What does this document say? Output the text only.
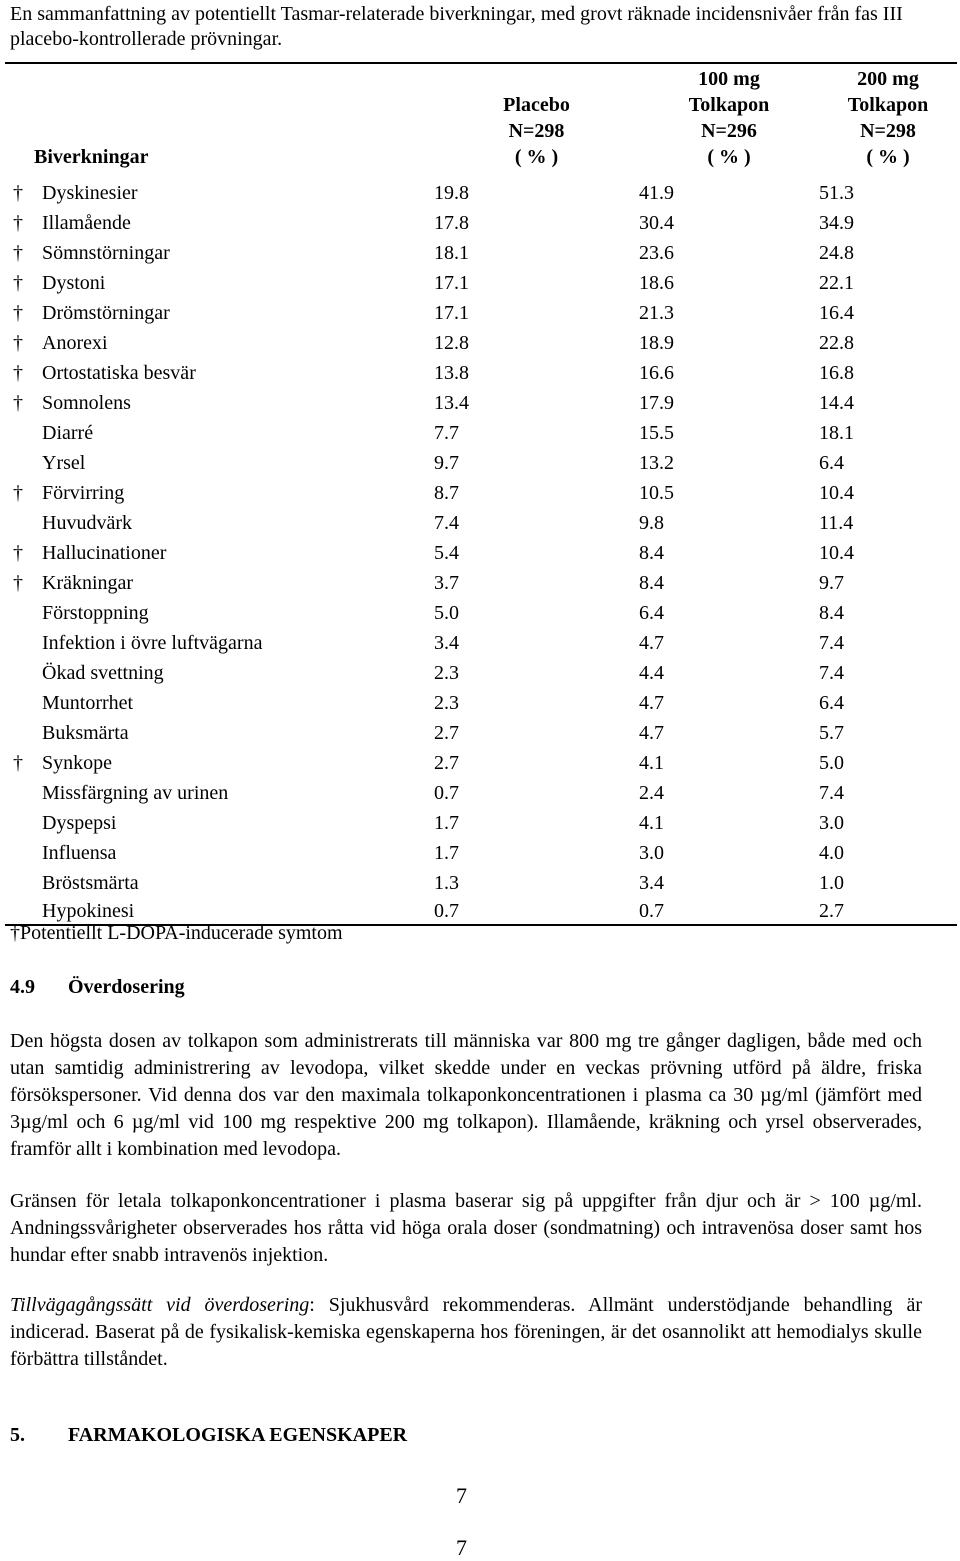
En sammanfattning av potentiellt Tasmar-relaterade biverkningar, med grovt räknade incidensnivåer från fas III placebo-kontrollerade prövningar.
Biverkningar		Placebo
N=298
( % )	100 mg
Tolkapon
N=296
( % )	200 mg
Tolkapon
N=298
( % )
†	Dyskinesier	19.8	41.9	51.3
†	Illamående	17.8	30.4	34.9
†	Sömnstörningar	18.1	23.6	24.8
†	Dystoni	17.1	18.6	22.1
†	Drömstörningar	17.1	21.3	16.4
†	Anorexi	12.8	18.9	22.8
†	Ortostatiska besvär	13.8	16.6	16.8
†	Somnolens	13.4	17.9	14.4
	Diarré	7.7	15.5	18.1
	Yrsel	9.7	13.2	6.4
†	Förvirring	8.7	10.5	10.4
	Huvudvärk	7.4	9.8	11.4
†	Hallucinationer	5.4	8.4	10.4
†	Kräkningar	3.7	8.4	9.7
	Förstoppning	5.0	6.4	8.4
	Infektion i övre luftvägarna	3.4	4.7	7.4
	Ökad svettning	2.3	4.4	7.4
	Muntorrhet	2.3	4.7	6.4
	Buksmärta	2.7	4.7	5.7
†	Synkope	2.7	4.1	5.0
	Missfärgning av urinen	0.7	2.4	7.4
	Dyspepsi	1.7	4.1	3.0
	Influensa	1.7	3.0	4.0
	Bröstsmärta	1.3	3.4	1.0
	Hypokinesi	0.7	0.7	2.7
†Potentiellt L-DOPA-inducerade symtom
4.9 Överdosering

Den högsta dosen av tolkapon som administrerats till människa var 800 mg tre gånger dagligen, både med och utan samtidig administrering av levodopa, vilket skedde under en veckas prövning utförd på äldre, friska försökspersoner. Vid denna dos var den maximala tolkaponkoncentrationen i plasma ca 30 µg/ml (jämfört med 3µg/ml och 6 µg/ml vid 100 mg respektive 200 mg tolkapon). Illamående, kräkning och yrsel observerades, framför allt i kombination med levodopa.

Gränsen för letala tolkaponkoncentrationer i plasma baserar sig på uppgifter från djur och är > 100 µg/ml. Andningssvårigheter observerades hos råtta vid höga orala doser (sondmatning) och intravenösa doser samt hos hundar efter snabb intravenös injektion.

Tillvägagångssätt vid överdosering: Sjukhusvård rekommenderas. Allmänt understödjande behandling är indicerad. Baserat på de fysikalisk-kemiska egenskaperna hos föreningen, är det osannolikt att hemodialys skulle förbättra tillståndet.

5. FARMAKOLOGISKA EGENSKAPER
7
7
